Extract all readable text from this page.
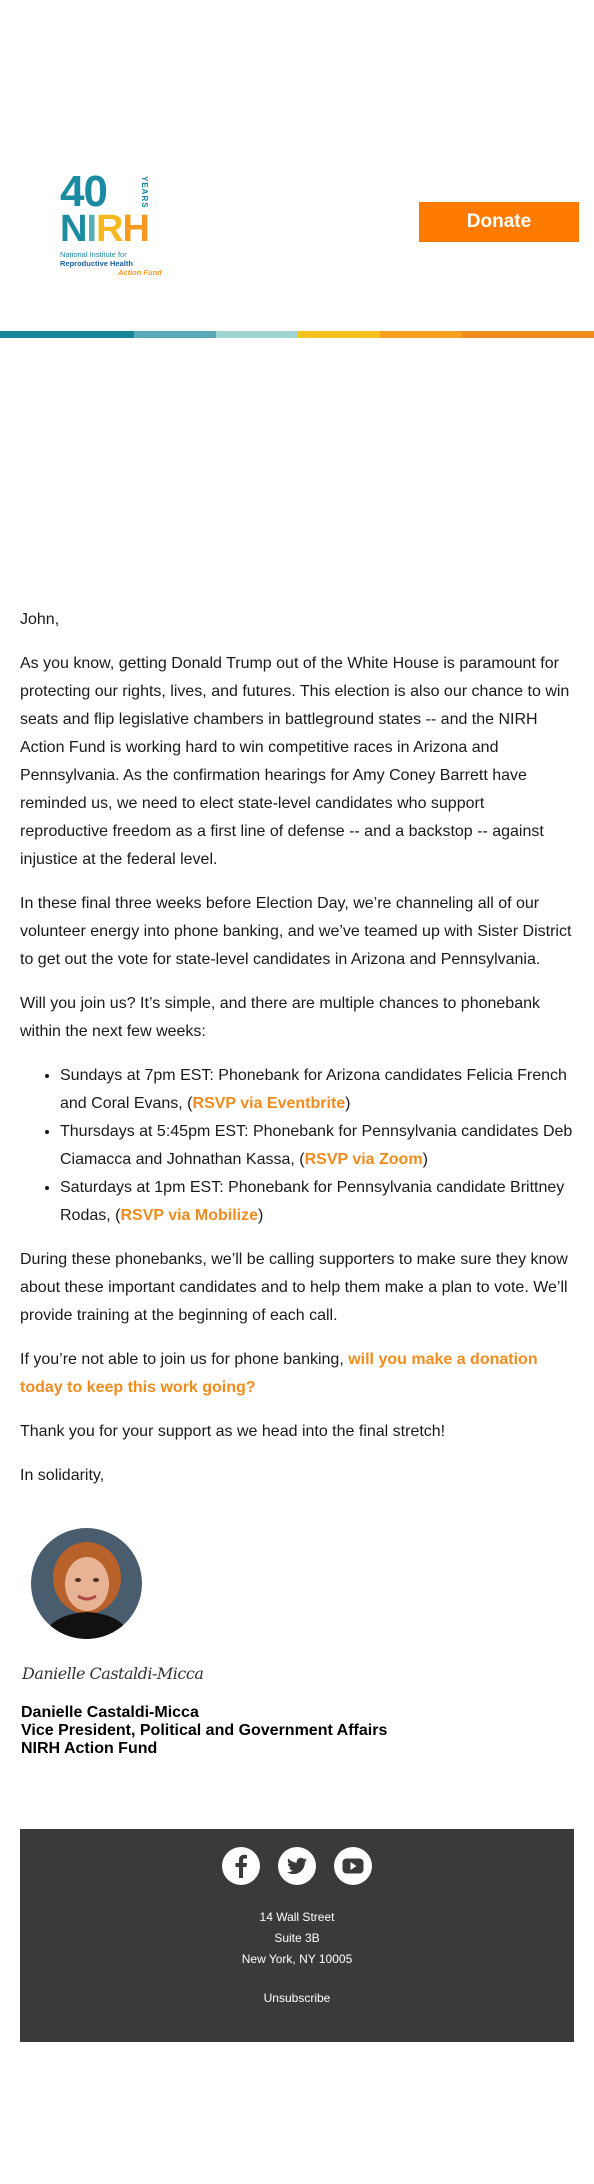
40	YEARS
NIRH
National Institute for
Reproductive Health
Action Fund
Donate

John,

As you know, getting Donald Trump out of the White House is paramount for protecting our rights, lives, and futures. This election is also our chance to win seats and flip legislative chambers in battleground states -- and the NIRH Action Fund is working hard to win competitive races in Arizona and Pennsylvania. As the confirmation hearings for Amy Coney Barrett have reminded us, we need to elect state-level candidates who support reproductive freedom as a first line of defense -- and a backstop -- against injustice at the federal level.

In these final three weeks before Election Day, we’re channeling all of our volunteer energy into phone banking, and we’ve teamed up with Sister District to get out the vote for state-level candidates in Arizona and Pennsylvania.

Will you join us? It’s simple, and there are multiple chances to phonebank within the next few weeks:

• Sundays at 7pm EST: Phonebank for Arizona candidates Felicia French and Coral Evans, (RSVP via Eventbrite)
• Thursdays at 5:45pm EST: Phonebank for Pennsylvania candidates Deb Ciamacca and Johnathan Kassa, (RSVP via Zoom)
• Saturdays at 1pm EST: Phonebank for Pennsylvania candidate Brittney Rodas, (RSVP via Mobilize)

During these phonebanks, we’ll be calling supporters to make sure they know about these important candidates and to help them make a plan to vote. We’ll provide training at the beginning of each call.

If you’re not able to join us for phone banking, will you make a donation today to keep this work going?

Thank you for your support as we head into the final stretch!

In solidarity,

Danielle Castaldi-Micca
Danielle Castaldi-Micca
Vice President, Political and Government Affairs
NIRH Action Fund
14 Wall Street
Suite 3B
New York, NY 10005
Unsubscribe
